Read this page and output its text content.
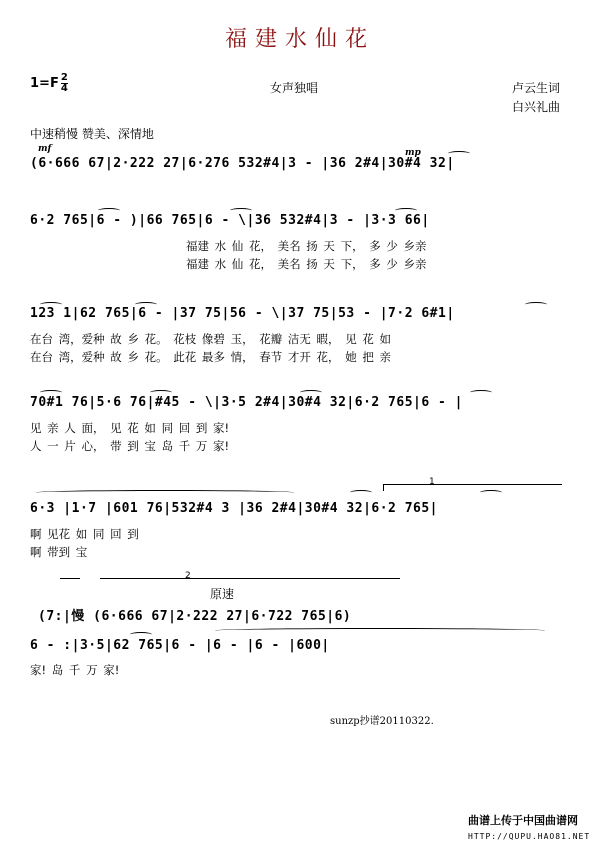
福建水仙花
$1=F \frac{2}{4}$	女声独唱	卢云生词
白兴礼曲
中速稍慢 赞美、深情地
mf	mp
(6·666 67|2·222 27|6·276 532#4|3 - |36 2#4|30#4 32|
6·2 765|6 - )|66 765|6 - \|36 532#4|3 - |3·3 66|
福建 水 仙 花， 美名 扬 天 下， 多 少 乡亲
福建 水 仙 花， 美名 扬 天 下， 多 少 乡亲
123 1|62 765|6 - |37 75|56 - \|37 75|53 - |7·2 6#1|
在台 湾，爱种 故 乡 花。 花枝 像碧 玉， 花瓣 洁无 暇， 见 花 如
在台 湾，爱种 故 乡 花。 此花 最多 情， 春节 才开 花， 她 把 亲
70#1 76|5·6 76|#45 - \|3·5 2#4|30#4 32|6·2 765|6 - |
见 亲 人 面， 见 花 如 同 回 到 家!
人 一 片 心， 带 到 宝 岛 千 万 家!
1
6·3 |1·7 |601 76|532#4 3 |36 2#4|30#4 32|6·2 765|
啊 见花 如 同 回 到
啊 带到 宝
2
原速
(7:|慢 (6·666 67|2·222 27|6·722 765|6)
6 - :|3·5|62 765|6 - |6 - |6 - |600|
家! 岛 千 万 家!
sunzp抄谱20110322.
曲谱上传于中国曲谱网
HTTP://QUPU.HAO81.NET
